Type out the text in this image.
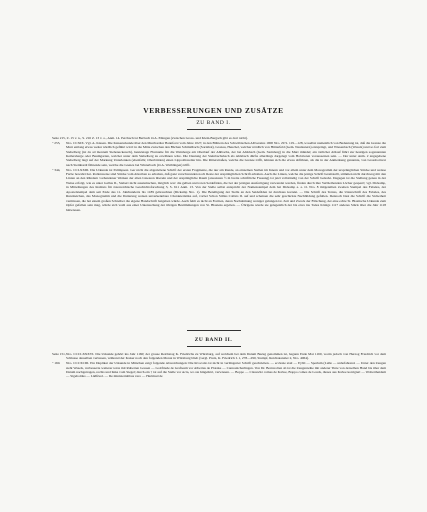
VERBESSERUNGEN UND ZUSÄTZE
ZU BAND I.
Seite 215, Z. 15 v. n., S. 216 Z. 13 v. o., Anm. 14. Perchach ist Berbach O.A. Ehingen (zwischen Gross- und Klein-Bergach gibt es dort nicht).
" 255,	Nro. CCXIX. Vgl. A. Kiesen. Die Kaiserurkunde über den Murrhardter Bannforst vom Jahre 1027, in den Blättern des Schwäbischen Albvereins 1900 Nro. 29 S. 119—128, woselbst namentlich von Bedeutung ist, daß die Grenze die Murr entlang etwas weiter nördlich geführt wird: in die Mitte zwischen den Bächen Schmidbach (Sornthal), Gronau, Heuchel, welcher nördlich von Hütterfeld (Gem. Neulautern) entspringt, und Wiesenbach (Wasala) und so fort zum Siebelberg (ist da ad montem Siebeneckerech), heutzutage Flurname für die Weinberge am Oberlauf der Ahlbachs, der bei Ahlsbach (Gem. Steinberg) in die Murr mündet; ein östlicher Ablauf führt zur heutigen sogenannten Keilersberge oder Baumgarten, welcher unter dem Siebelberg zu erwähnen wäre. Die Deutung der Steinbachsbach als Ahlsbach dürfte allerdings dargelegt vom Holoboten voraussetzen sein. — Der unter Anm. 2 angegebene Siebelberg liegt auf der Markung Unterlenken (ebenfalls; Oberbrüden) einen Lippoldsweiler hin. Die Ritterstraßen, welche die Grenze trifft, lehnten sich die etwas abführen, als die in der Anmerkung genannte, von Grossbottwar nach Steinhardt führende sein, welche die Grenze bei Winterbach (O.A. Waiblingen) trifft.
" 344,	Nro. CCLXXIII. Die Urkunde ist Palimpsest. Gar nicht die abgeriebene Schrift der ersten Fragmente, die nur am Rande, an einzelnen Stellen im Innern und vor allem unter dem Monogramm der ursprünglichen Stücke und weisse Farbe bewahrt hat. Rollenweise sind Stücke vom Abreiben so erhalten, daß ganz verschwunden noch Reste der ursprünglichen Schrift erhalten. Auch die Linien, welche die jetzige Schrift bereitstellt, stimmen nicht durchweg mit den Linien an den Rändern vorhandener Werken der alten Linearen überein und der ursprüngliche Raum (ansonsten ½ m breite schriftliche Fassung) ist jetzt vollständig von der Schrift bedeckt. Dagegen ist die Stellung genau in der Weise erfolgt, wie es unter Gallus II., Siebert nicht auszumachen, möglich war: die gelben und roten Seidefäden, die bei der jetzigen Ausfertigung verwendet werden, finden durch ihre Verbleibenden Löcher gesperrt; vgl. Dickamp, in Mitteilungen des Instituts für österreichische Geschichtsforschung 3, S. 611 Anm. 13. Von der Stelle selbst entspricht der Namenstempel dem bei Dickamp a. a. O. Nro. 8 mitgeteilten zweiten Stempel des Fabeles, der Apostelstempel dem seit Ende des 11. Jahrhunderts bis 1189 gebrauchten (Dickamp Nro. 1). Die Beteiligung der Stelle an den Seidefäden ist durchaus korrekt. — Die Schrift des Textes, die Unterschrift des Fabeles, des Rundzeichen, das Monogramm und die Datierung weisen unverkennbare Charakteristika auf, vorbei Schon Stilles Calixts II. auf und scheinen die sehr geschickte Nachbildung gefallen. Dennoch lässt die Schrift die Sicherheit vermissen, die bei einem großen Schreiber die eigene Handschrift beigeben würde. Auch fehlt es nicht an Formen, deren Nachahmung weniger gelungen ist. Zeit und Zweck der Fälschung, der eine echte St. Blasiische Urkunde zum Opfer gefallen sein mag, würde sich wohl aus einer Untersuchung der übrigen Bestimmungen von St. Blasiens ergeben. — Übrigens wurde sie gelegentlich der bis etwa ins Todes Königs 1117 anderes Stück über die Jahr 1118 hinwiesen.
ZU BAND II.
Seite 151, Nro. CCCLXXXVI. Die Urkunde gehört ins Jahr 1160; der grosse Reichstag K. Friedrichs zu Würzburg, auf welchem bei dem Datum Bezug genommen ist, begann Ende Mai 1160, worin jedoch von Herzog Friedrich vor dem Schlusse desselben verlassen, während der Kaiser noch den folgenden Monat in Würzburg blieb (vergl. Prutz, K. Friedrich I. 1, 278—290, Stumpf, Reichskanzler 2, Nro. 4064).
" 160.	Nro. CCCXCIII. Ein Duplikat der Urkunde in München zeigt folgende Abweichungen: Die Invocatio ist nicht in verlängerter Schrift geschrieben. — ecclesie statt — Eybli — Sperlum (Lulle — unbefahrend. — Unter den Zeugen steht Wasels, verbesserte weiterer texte mit Ruberten Gossen — Gottfriede de Grafteam vor Albertus de Plotzke — Cannonicharlingen. Von Dr. Bernwolten ab ist die Zeugenreihe mit anderer Tinte von derselben Hand bis über dem Datum nachgetragen, rechts und links vom Siegel; durch ein † ist auf die Stelle vor Acta, wo sie hingehört, verwiesen. — Boppo — Classwitz comes de Kalwe, Boppo comes de Louds, dieses aus Kalwe korrigiert — Woltertheidem — Sigeboldus — Lüdfried. — De ministerialibus vero — Hartmud de
